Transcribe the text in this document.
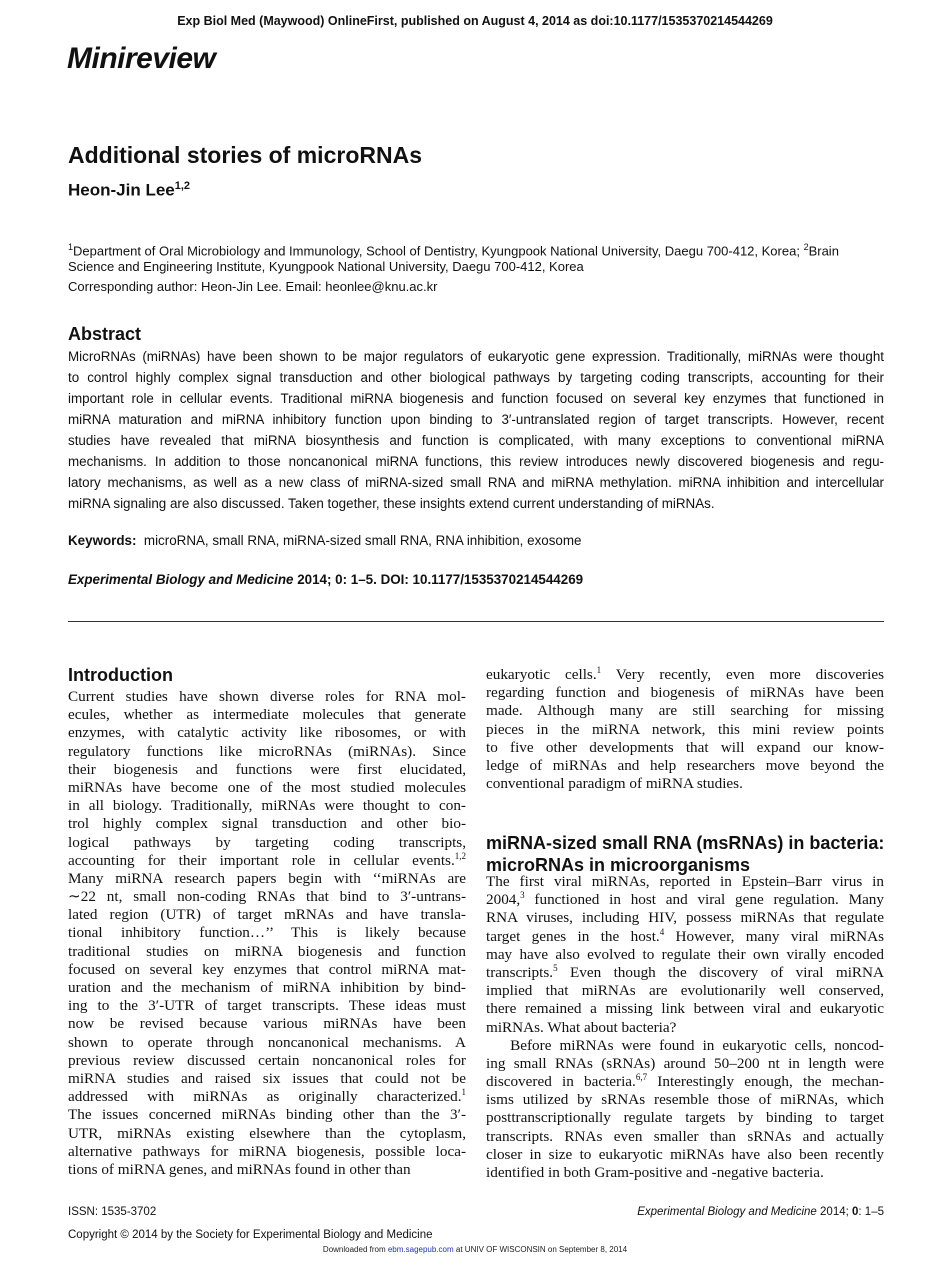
Exp Biol Med (Maywood) OnlineFirst, published on August 4, 2014 as doi:10.1177/1535370214544269
Minireview
Additional stories of microRNAs
Heon-Jin Lee$^{1,2}$
$^1$Department of Oral Microbiology and Immunology, School of Dentistry, Kyungpook National University, Daegu 700-412, Korea; $^2$Brain
Science and Engineering Institute, Kyungpook National University, Daegu 700-412, Korea
Corresponding author: Heon-Jin Lee. Email: heonlee@knu.ac.kr
Abstract
MicroRNAs (miRNAs) have been shown to be major regulators of eukaryotic gene expression. Traditionally, miRNAs were thought
to control highly complex signal transduction and other biological pathways by targeting coding transcripts, accounting for their
important role in cellular events. Traditional miRNA biogenesis and function focused on several key enzymes that functioned in
miRNA maturation and miRNA inhibitory function upon binding to 3′-untranslated region of target transcripts. However, recent
studies have revealed that miRNA biosynthesis and function is complicated, with many exceptions to conventional miRNA
mechanisms. In addition to those noncanonical miRNA functions, this review introduces newly discovered biogenesis and regu-
latory mechanisms, as well as a new class of miRNA-sized small RNA and miRNA methylation. miRNA inhibition and intercellular
miRNA signaling are also discussed. Taken together, these insights extend current understanding of miRNAs.
Keywords: microRNA, small RNA, miRNA-sized small RNA, RNA inhibition, exosome
Experimental Biology and Medicine 2014; 0: 1–5. DOI: 10.1177/1535370214544269
Introduction
Current studies have shown diverse roles for RNA mol-
ecules, whether as intermediate molecules that generate
enzymes, with catalytic activity like ribosomes, or with
regulatory functions like microRNAs (miRNAs). Since
their biogenesis and functions were first elucidated,
miRNAs have become one of the most studied molecules
in all biology. Traditionally, miRNAs were thought to con-
trol highly complex signal transduction and other bio-
logical pathways by targeting coding transcripts,
accounting for their important role in cellular events.$^{1,2}$
Many miRNA research papers begin with ‘‘miRNAs are
∼22 nt, small non-coding RNAs that bind to 3′-untrans-
lated region (UTR) of target mRNAs and have transla-
tional inhibitory function…’’ This is likely because
traditional studies on miRNA biogenesis and function
focused on several key enzymes that control miRNA mat-
uration and the mechanism of miRNA inhibition by bind-
ing to the 3′-UTR of target transcripts. These ideas must
now be revised because various miRNAs have been
shown to operate through noncanonical mechanisms. A
previous review discussed certain noncanonical roles for
miRNA studies and raised six issues that could not be
addressed with miRNAs as originally characterized.$^1$
The issues concerned miRNAs binding other than the 3′-
UTR, miRNAs existing elsewhere than the cytoplasm,
alternative pathways for miRNA biogenesis, possible loca-
tions of miRNA genes, and miRNAs found in other than
eukaryotic cells.$^1$ Very recently, even more discoveries
regarding function and biogenesis of miRNAs have been
made. Although many are still searching for missing
pieces in the miRNA network, this mini review points
to five other developments that will expand our know-
ledge of miRNAs and help researchers move beyond the
conventional paradigm of miRNA studies.
miRNA-sized small RNA (msRNAs) in bacteria:
microRNAs in microorganisms
The first viral miRNAs, reported in Epstein–Barr virus in
2004,$^3$ functioned in host and viral gene regulation. Many
RNA viruses, including HIV, possess miRNAs that regulate
target genes in the host.$^4$ However, many viral miRNAs
may have also evolved to regulate their own virally encoded
transcripts.$^5$ Even though the discovery of viral miRNA
implied that miRNAs are evolutionarily well conserved,
there remained a missing link between viral and eukaryotic
miRNAs. What about bacteria?
Before miRNAs were found in eukaryotic cells, noncod-
ing small RNAs (sRNAs) around 50–200 nt in length were
discovered in bacteria.$^{6,7}$ Interestingly enough, the mechan-
isms utilized by sRNAs resemble those of miRNAs, which
posttranscriptionally regulate targets by binding to target
transcripts. RNAs even smaller than sRNAs and actually
closer in size to eukaryotic miRNAs have also been recently
identified in both Gram-positive and -negative bacteria.
ISSN: 1535-3702	Experimental Biology and Medicine 2014; 0: 1–5
Copyright © 2014 by the Society for Experimental Biology and Medicine
Downloaded from ebm.sagepub.com at UNIV OF WISCONSIN on September 8, 2014
